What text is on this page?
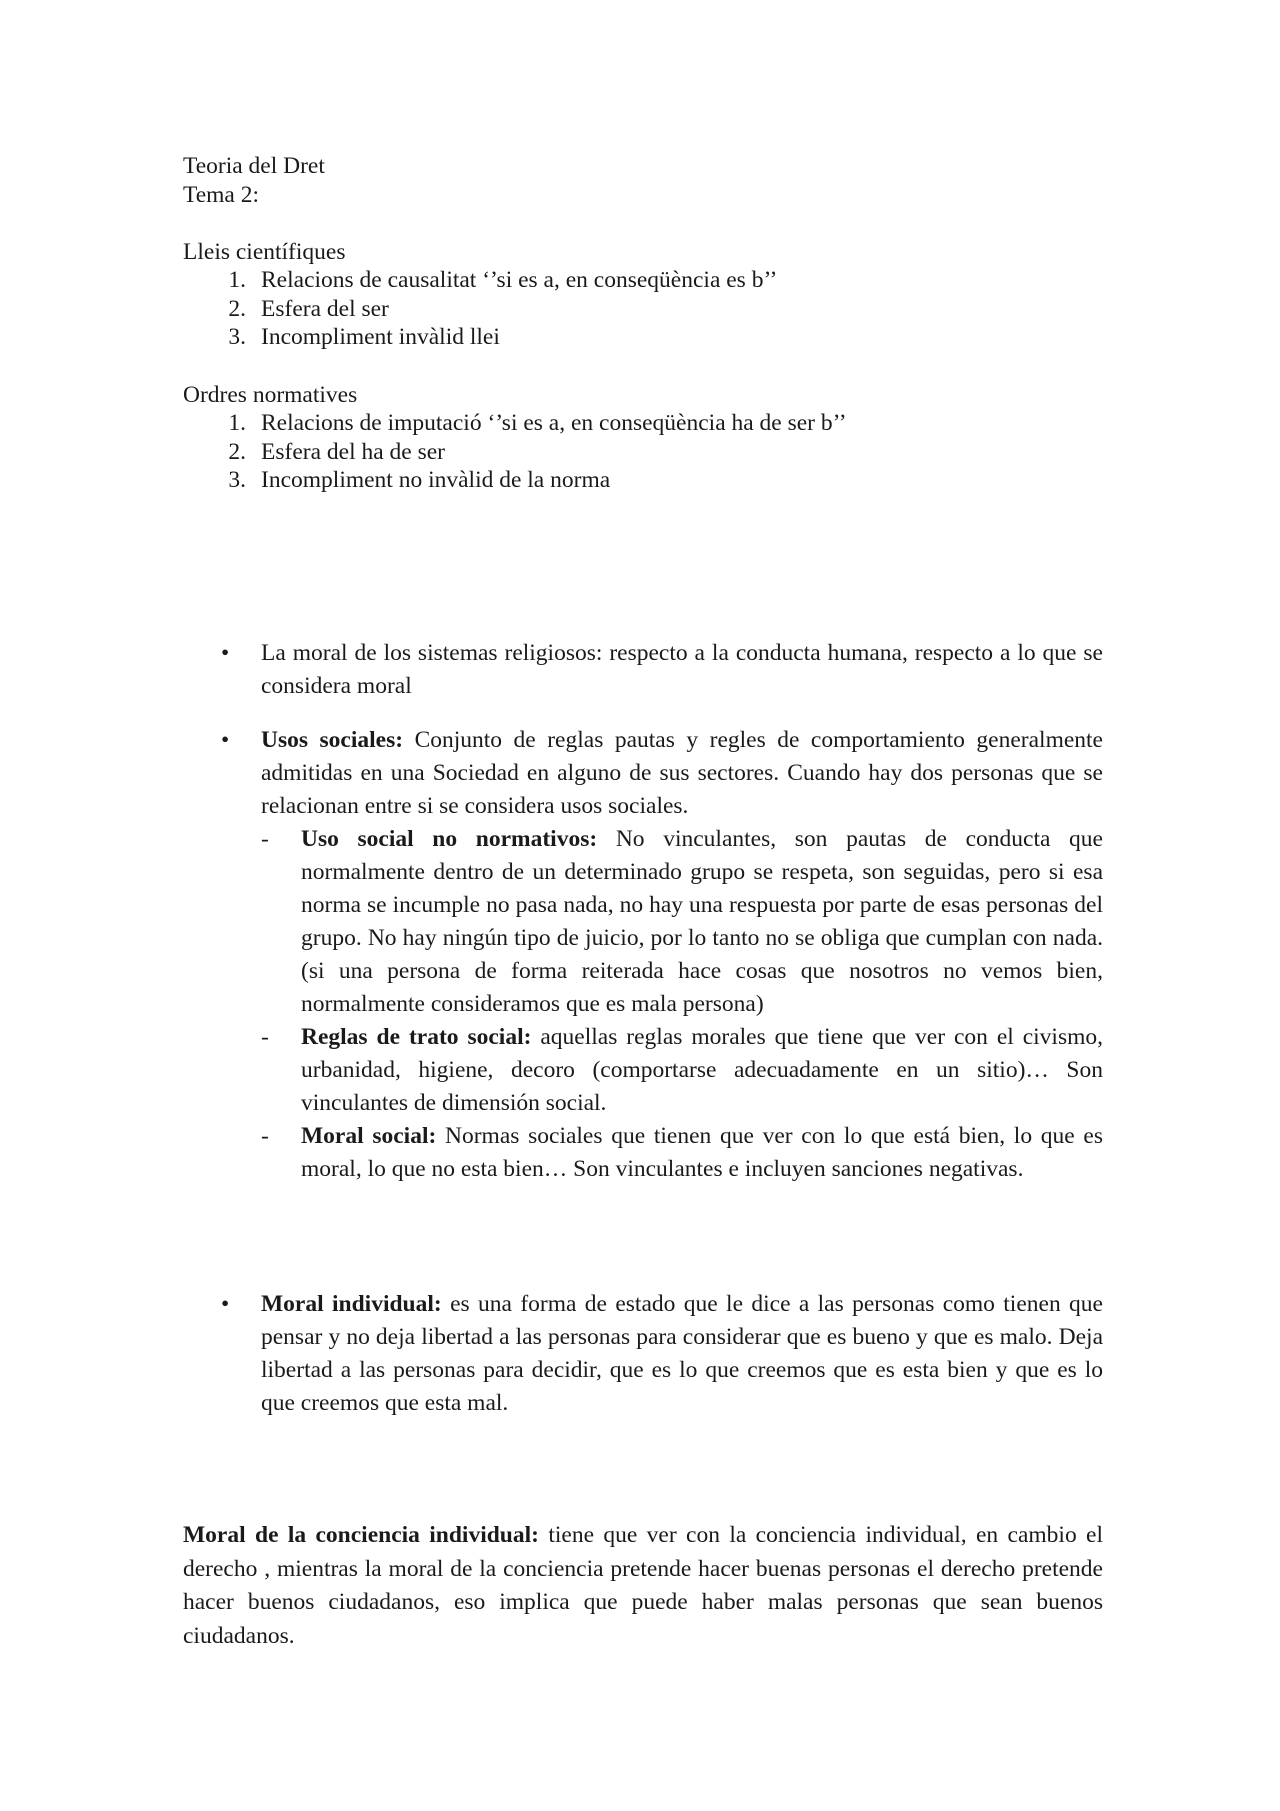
Teoria del Dret
Tema 2:
Lleis científiques
1. Relacions de causalitat ‘’si es a, en conseqüència es b’’
2. Esfera del ser
3. Incompliment invàlid llei
Ordres normatives
1. Relacions de imputació ‘’si es a, en conseqüència ha de ser b’’
2. Esfera del ha de ser
3. Incompliment no invàlid de la norma
• La moral de los sistemas religiosos: respecto a la conducta humana, respecto a lo que se considera moral
• Usos sociales: Conjunto de reglas pautas y regles de comportamiento generalmente admitidas en una Sociedad en alguno de sus sectores. Cuando hay dos personas que se relacionan entre si se considera usos sociales.
- Uso social no normativos: No vinculantes, son pautas de conducta que normalmente dentro de un determinado grupo se respeta, son seguidas, pero si esa norma se incumple no pasa nada, no hay una respuesta por parte de esas personas del grupo. No hay ningún tipo de juicio, por lo tanto no se obliga que cumplan con nada. (si una persona de forma reiterada hace cosas que nosotros no vemos bien, normalmente consideramos que es mala persona)
- Reglas de trato social: aquellas reglas morales que tiene que ver con el civismo, urbanidad, higiene, decoro (comportarse adecuadamente en un sitio)… Son vinculantes de dimensión social.
- Moral social: Normas sociales que tienen que ver con lo que está bien, lo que es moral, lo que no esta bien… Son vinculantes e incluyen sanciones negativas.
• Moral individual: es una forma de estado que le dice a las personas como tienen que pensar y no deja libertad a las personas para considerar que es bueno y que es malo. Deja libertad a las personas para decidir, que es lo que creemos que es esta bien y que es lo que creemos que esta mal.
Moral de la conciencia individual: tiene que ver con la conciencia individual, en cambio el derecho , mientras la moral de la conciencia pretende hacer buenas personas el derecho pretende hacer buenos ciudadanos, eso implica que puede haber malas personas que sean buenos ciudadanos.
